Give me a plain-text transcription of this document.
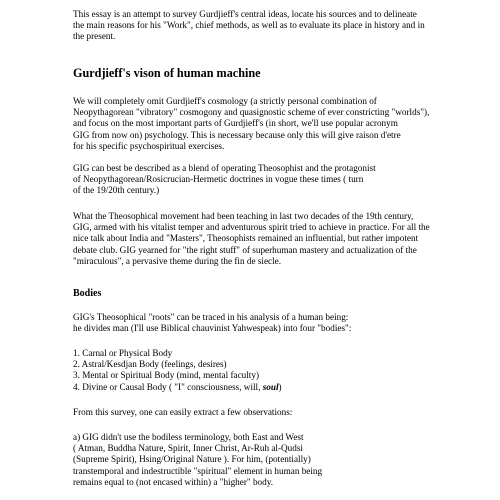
This essay is an attempt to survey Gurdjieff's central ideas, locate his sources and to delineate
the main reasons for his "Work", chief methods, as well as to evaluate its place in history and in
the present.
Gurdjieff's vison of human machine
We will completely omit Gurdjieff's cosmology (a strictly personal combination of
Neopythagorean "vibratory" cosmogony and quasignostic scheme of ever constricting "worlds"),
and focus on the most important parts of Gurdjieff's (in short, we'll use popular acronym
GIG from now on) psychology. This is necessary because only this will give raison d'etre
for his specific psychospiritual exercises.
GIG can best be described as a blend of operating Theosophist and the protagonist
of Neopythagorean/Rosicrucian-Hermetic doctrines in vogue these times ( turn
of the 19/20th century.)
What the Theosophical movement had been teaching in last two decades of the 19th century,
GIG, armed with his vitalist temper and adventurous spirit tried to achieve in practice. For all the
nice talk about India and "Masters", Theosophists remained an influential, but rather impotent
debate club. GIG yearned for "the right stuff" of superhuman mastery and actualization of the
"miraculous", a pervasive theme during the fin de siecle.
Bodies
GIG's Theosophical "roots" can be traced in his analysis of a human being:
he divides man (I'll use Biblical chauvinist Yahwespeak) into four "bodies":
1. Carnal or Physical Body
2. Astral/Kesdjan Body (feelings, desires)
3. Mental or Spiritual Body (mind, mental faculty)
4. Divine or Causal Body ( "I" consciousness, will, soul)
From this survey, one can easily extract a few observations:
a) GIG didn't use the bodiless terminology, both East and West
( Atman, Buddha Nature, Spirit, Inner Christ, Ar-Ruh al-Qudsi
(Supreme Spirit), Hsing/Original Nature ). For him, (potentially)
transtemporal and indestructible "spiritual" element in human being
remains equal to (not encased within) a "higher" body.
